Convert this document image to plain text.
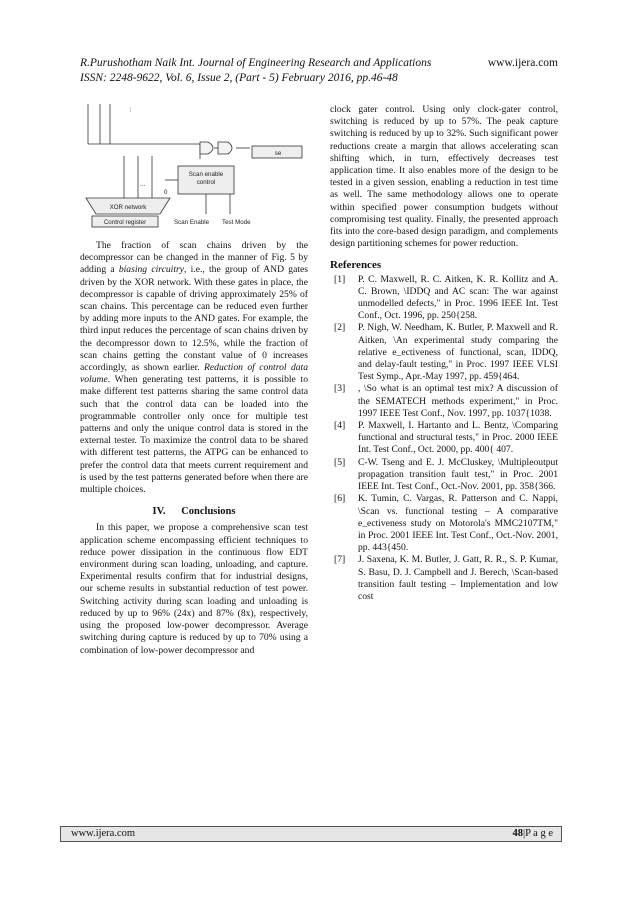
R.Purushotham Naik Int. Journal of Engineering Research and Applications	www.ijera.com
ISSN: 2248-9622, Vol. 6, Issue 2, (Part - 5) February 2016, pp.46-48
...
se
Scan enable
control
...
0
XOR network
Control register	Scan Enable Test Mode

The fraction of scan chains driven by the decompressor can be changed in the manner of Fig. 5 by adding a biasing circuitry, i.e., the group of AND gates driven by the XOR network. With these gates in place, the decompressor is capable of driving approximately 25% of scan chains. This percentage can be reduced even further by adding more inputs to the AND gates. For example, the third input reduces the percentage of scan chains driven by the decompressor down to 12.5%, while the fraction of scan chains getting the constant value of 0 increases accordingly, as shown earlier. Reduction of control data volume. When generating test patterns, it is possible to make different test patterns sharing the same control data such that the control data can be loaded into the programmable controller only once for multiple test patterns and only the unique control data is stored in the external tester. To maximize the control data to be shared with different test patterns, the ATPG can be enhanced to prefer the control data that meets current requirement and is used by the test patterns generated before when there are multiple choices.

IV.      Conclusions

In this paper, we propose a comprehensive scan test application scheme encompassing efficient techniques to reduce power dissipation in the continuous flow EDT environment during scan loading, unloading, and capture. Experimental results confirm that for industrial designs, our scheme results in substantial reduction of test power. Switching activity during scan loading and unloading is reduced by up to 96% (24x) and 87% (8x), respectively, using the proposed low-power decompressor. Average switching during capture is reduced by up to 70% using a combination of low-power decompressor and

clock gater control. Using only clock-gater control, switching is reduced by up to 57%. The peak capture switching is reduced by up to 32%. Such significant power reductions create a margin that allows accelerating scan shifting which, in turn, effectively decreases test application time. It also enables more of the design to be tested in a given session, enabling a reduction in test time as well. The same methodology allows one to operate within specified power consumption budgets without compromising test quality. Finally, the presented approach fits into the core-based design paradigm, and complements design partitioning schemes for power reduction.

References
[1]	P. C. Maxwell, R. C. Aitken, K. R. Kollitz and A. C. Brown, \IDDQ and AC scan: The war against unmodelled defects," in Proc. 1996 IEEE Int. Test Conf., Oct. 1996, pp. 250{258.
[2]	P. Nigh, W. Needham, K. Butler, P. Maxwell and R. Aitken, \An experimental study comparing the relative e_ectiveness of functional, scan, IDDQ, and delay-fault testing," in Proc. 1997 IEEE VLSI Test Symp., Apr.-May 1997, pp. 459{464.
[3]	, \So what is an optimal test mix? A discussion of the SEMATECH methods experiment," in Proc. 1997 IEEE Test Conf., Nov. 1997, pp. 1037{1038.
[4]	P. Maxwell, I. Hartanto and L. Bentz, \Comparing functional and structural tests," in Proc. 2000 IEEE Int. Test Conf., Oct. 2000, pp. 400{ 407.
[5]	C-W. Tseng and E. J. McCluskey, \Multipleoutput propagation transition fault test," in Proc. 2001 IEEE Int. Test Conf., Oct.-Nov. 2001, pp. 358{366.
[6]	K. Tumin, C. Vargas, R. Patterson and C. Nappi, \Scan vs. functional testing – A comparative e_ectiveness study on Motorola's MMC2107TM," in Proc. 2001 IEEE Int. Test Conf., Oct.-Nov. 2001, pp. 443{450.
[7]	J. Saxena, K. M. Butler, J. Gatt, R. R., S. P. Kumar, S. Basu, D. J. Campbell and J. Berech, \Scan-based transition fault testing – Implementation and low cost
www.ijera.com	48|P a g e
